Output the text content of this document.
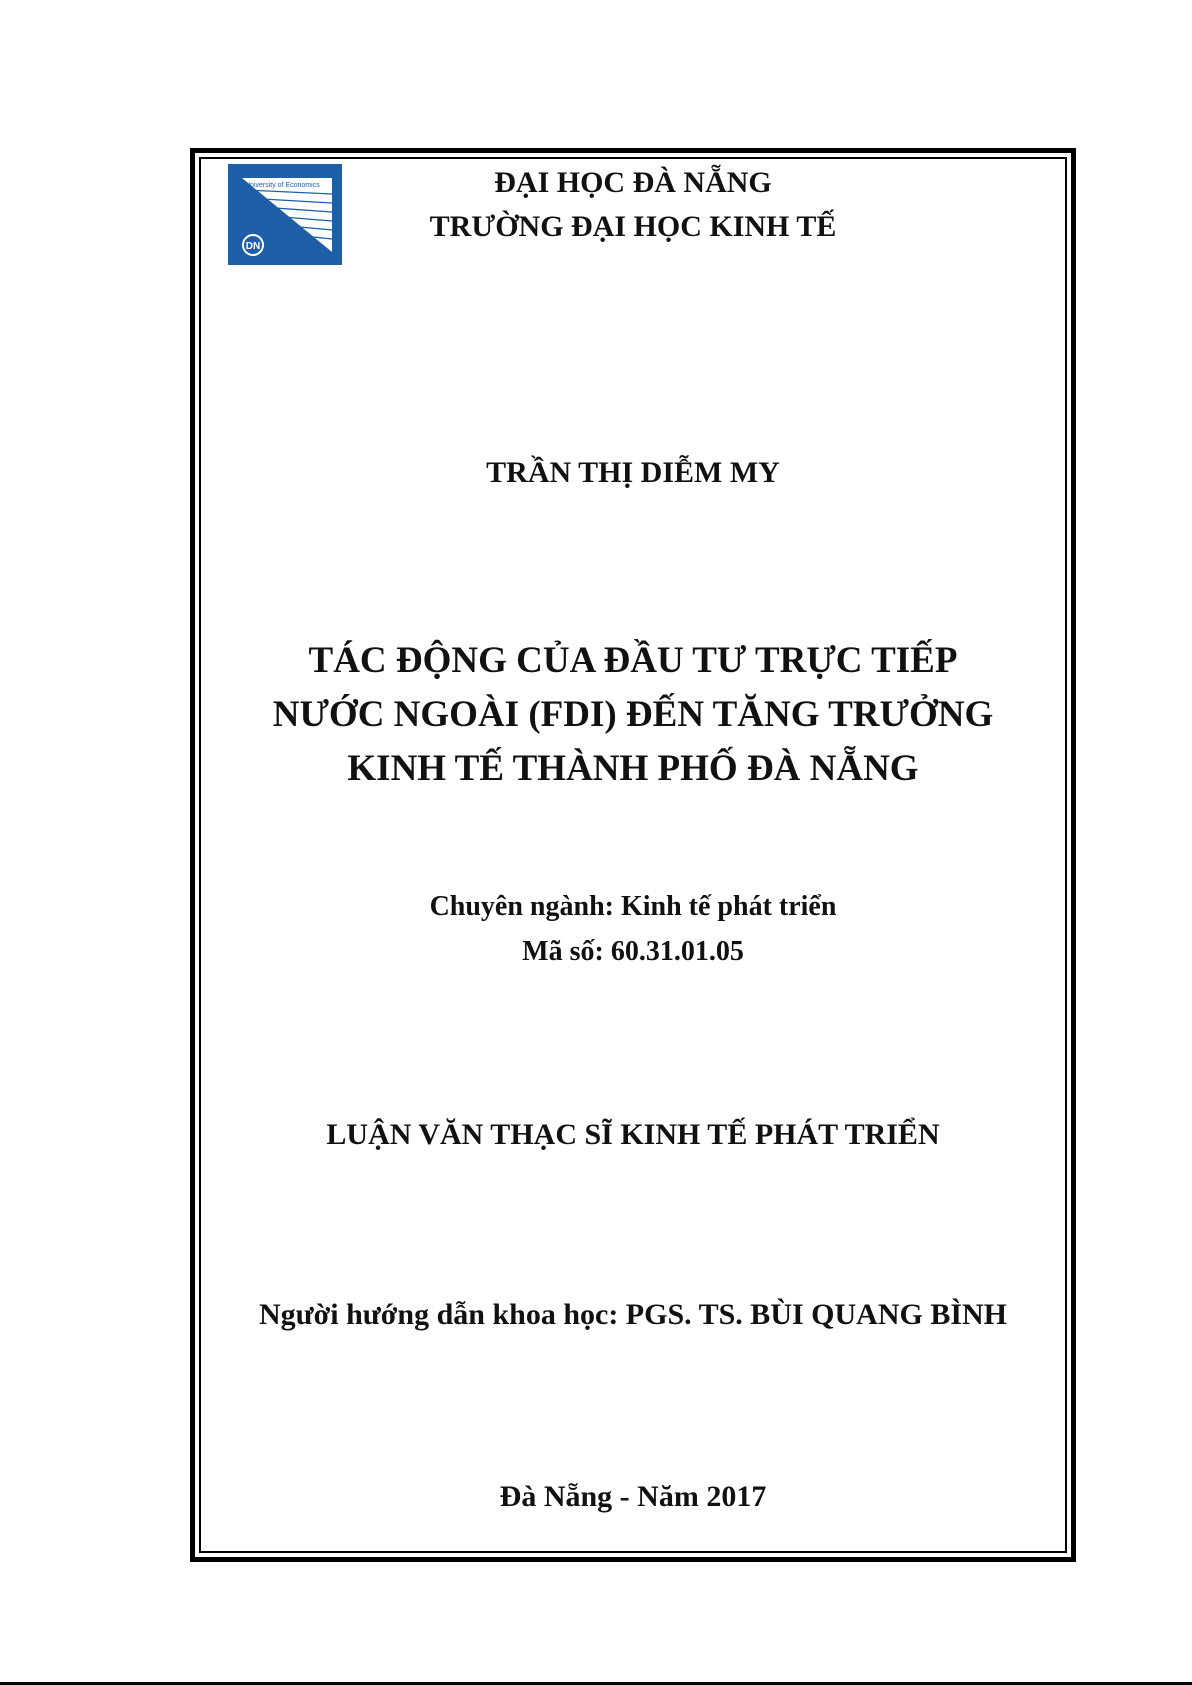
University of Economics
DN
ĐẠI HỌC ĐÀ NẴNG
TRƯỜNG ĐẠI HỌC KINH TẾ
TRẦN THỊ DIỄM MY
TÁC ĐỘNG CỦA ĐẦU TƯ TRỰC TIẾP
NƯỚC NGOÀI (FDI) ĐẾN TĂNG TRƯỞNG
KINH TẾ THÀNH PHỐ ĐÀ NẴNG
Chuyên ngành: Kinh tế phát triển
Mã số: 60.31.01.05
LUẬN VĂN THẠC SĨ KINH TẾ PHÁT TRIỂN
Người hướng dẫn khoa học: PGS. TS. BÙI QUANG BÌNH
Đà Nẵng - Năm 2017
